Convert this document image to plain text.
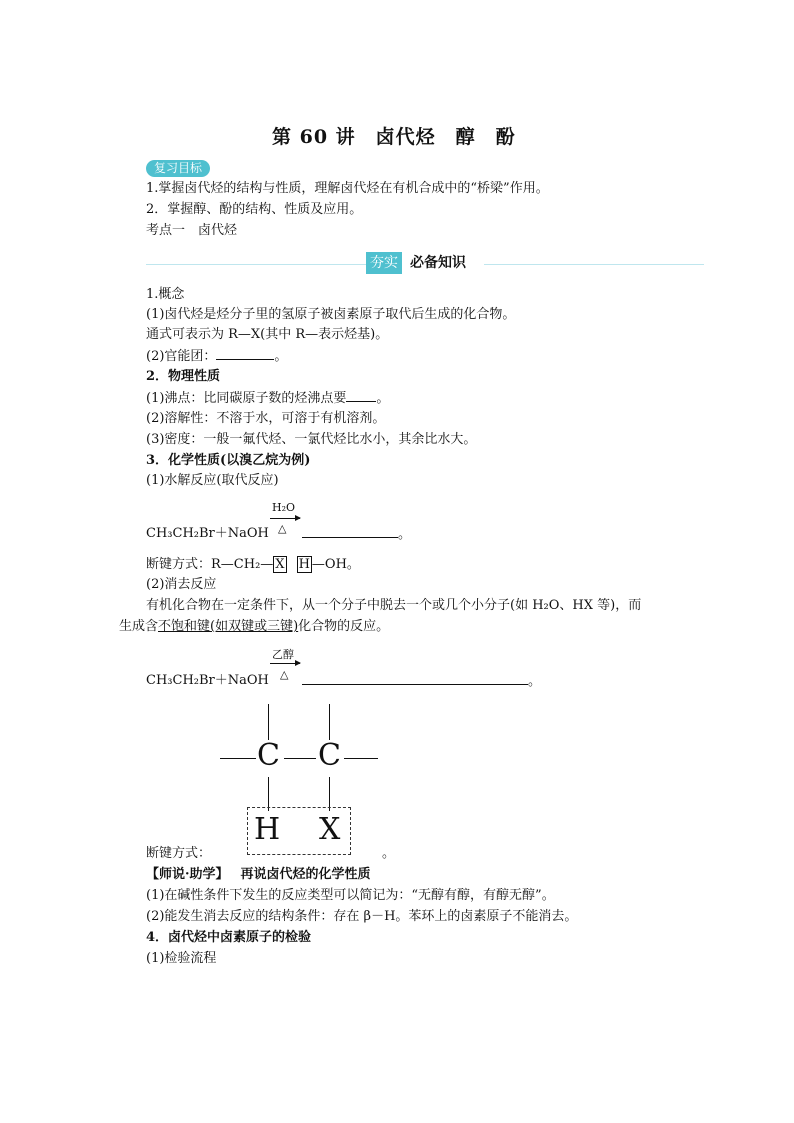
第 60 讲　卤代烃　醇　酚
复习目标
1.掌握卤代烃的结构与性质，理解卤代烃在有机合成中的“桥梁”作用。
2．掌握醇、酚的结构、性质及应用。
考点一　卤代烃
夯实 必备知识
1.概念
(1)卤代烃是烃分子里的氢原子被卤素原子取代后生成的化合物。
通式可表示为 R—X(其中 R—表示烃基)。
(2)官能团：	。
2．物理性质
(1)沸点：比同碳原子数的烃沸点要 。
(2)溶解性：不溶于水，可溶于有机溶剂。
(3)密度：一般一氟代烃、一氯代烃比水小，其余比水大。
3．化学性质(以溴乙烷为例)
(1)水解反应(取代反应)
H₂O
△
CH₃CH₂Br＋NaOH	。
断键方式：R—CH₂— X H —OH。
(2)消去反应
有机化合物在一定条件下，从一个分子中脱去一个或几个小分子(如 H₂O、HX 等)，而
生成含不饱和键(如双键或三键)化合物的反应。
乙醇
△
CH₃CH₂Br＋NaOH	。
C C
H X
断键方式：	。
【师说·助学】 再说卤代烃的化学性质
(1)在碱性条件下发生的反应类型可以简记为：“无醇有醇，有醇无醇”。
(2)能发生消去反应的结构条件：存在 β－H。苯环上的卤素原子不能消去。
4．卤代烃中卤素原子的检验
(1)检验流程
